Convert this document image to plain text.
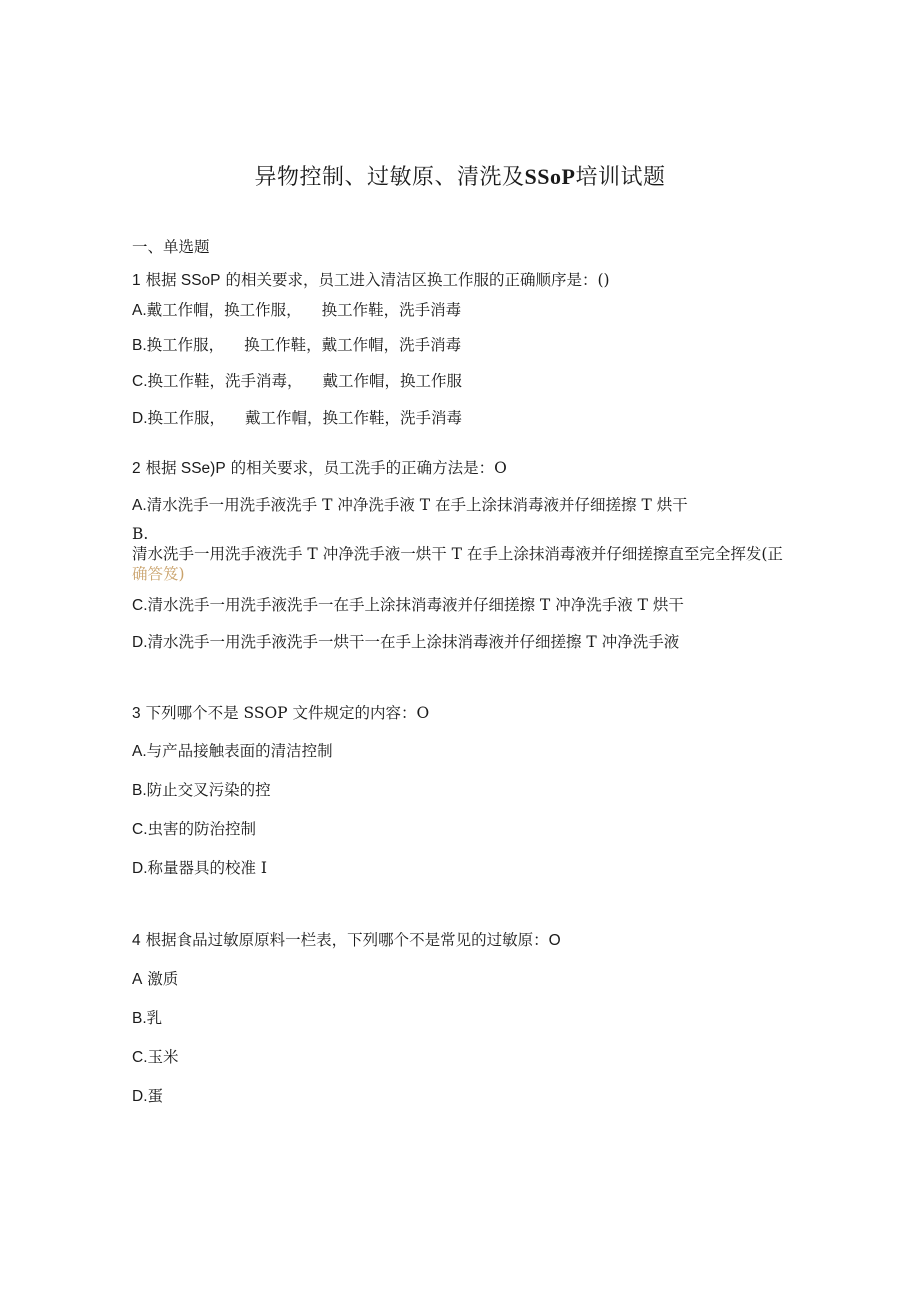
异物控制、过敏原、清洗及SSoP培训试题
一、单选题
1 根据 SSoP 的相关要求，员工进入清洁区换工作服的正确顺序是：()
A.戴工作帽，换工作服， 换工作鞋，洗手消毒
B.换工作服， 换工作鞋，戴工作帽，洗手消毒
C.换工作鞋，洗手消毒， 戴工作帽，换工作服
D.换工作服， 戴工作帽，换工作鞋，洗手消毒
2 根据 SSe)P 的相关要求，员工洗手的正确方法是：O
A.清水洗手一用洗手液洗手 T 冲净洗手液 T 在手上涂抹消毒液并仔细搓擦 T 烘干
B.
清水洗手一用洗手液洗手 T 冲净洗手液一烘干 T 在手上涂抹消毒液并仔细搓擦直至完全挥发(正确答笈)
C.清水洗手一用洗手液洗手一在手上涂抹消毒液并仔细搓擦 T 冲净洗手液 T 烘干
D.清水洗手一用洗手液洗手一烘干一在手上涂抹消毒液并仔细搓擦 T 冲净洗手液
3 下列哪个不是 SSOP 文件规定的内容：O
A.与产品接触表面的清洁控制
B.防止交叉污染的控
C.虫害的防治控制
D.称量器具的校准 I
4 根据食品过敏原原料一栏表，下列哪个不是常见的过敏原：O
A 激质
B.乳
C.玉米
D.蛋
